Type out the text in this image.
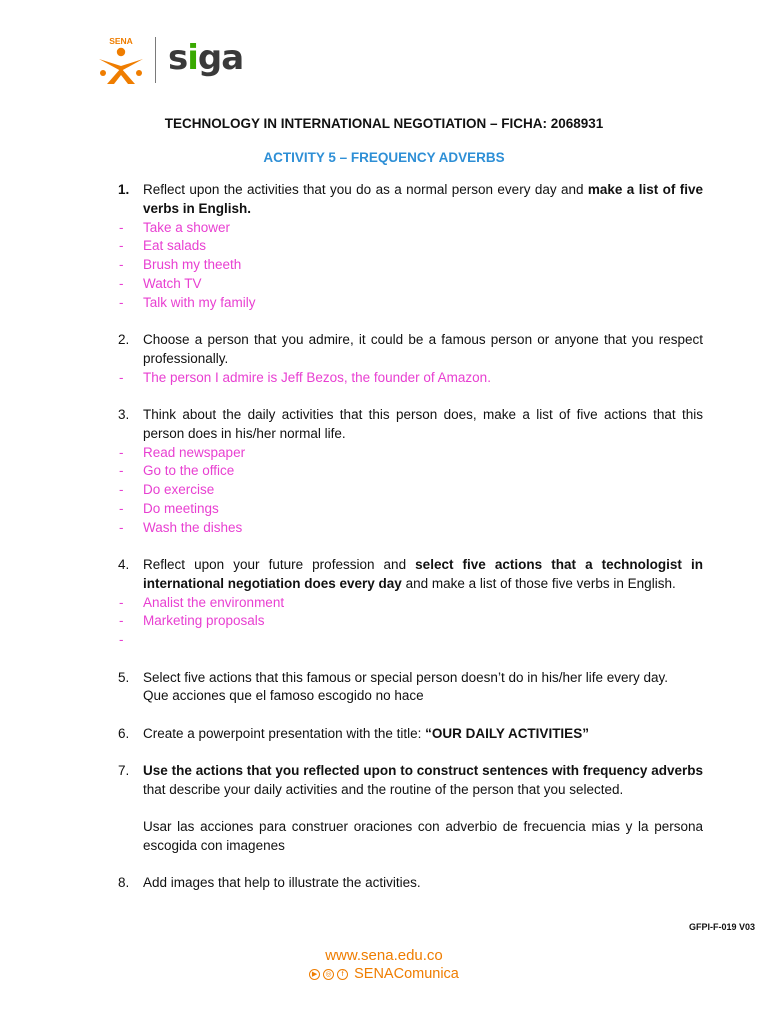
SENA siga
TECHNOLOGY IN INTERNATIONAL NEGOTIATION – FICHA: 2068931
ACTIVITY 5 – FREQUENCY ADVERBS
1. Reflect upon the activities that you do as a normal person every day and make a list of five verbs in English.

- Take a shower
- Eat salads
- Brush my theeth
- Watch TV
- Talk with my family
2. Choose a person that you admire, it could be a famous person or anyone that you respect professionally.

- The person I admire is Jeff Bezos, the founder of Amazon.
3. Think about the daily activities that this person does, make a list of five actions that this person does in his/her normal life.

- Read newspaper
- Go to the office
- Do exercise
- Do meetings
- Wash the dishes
4. Reflect upon your future profession and select five actions that a technologist in international negotiation does every day and make a list of those five verbs in English.

- Analist the environment
- Marketing proposals
-
5. Select five actions that this famous or special person doesn’t do in his/her life every day.

Que acciones que el famoso escogido no hace

6. Create a powerpoint presentation with the title: “OUR DAILY ACTIVITIES”

7. Use the actions that you reflected upon to construct sentences with frequency adverbs that describe your daily activities and the routine of the person that you selected.

Usar las acciones para construer oraciones con adverbio de frecuencia mias y la persona escogida con imagenes

8. Add images that help to illustrate the activities.

GFPI-F-019 V03
www.sena.edu.co
▶	◎	f SENAComunica
